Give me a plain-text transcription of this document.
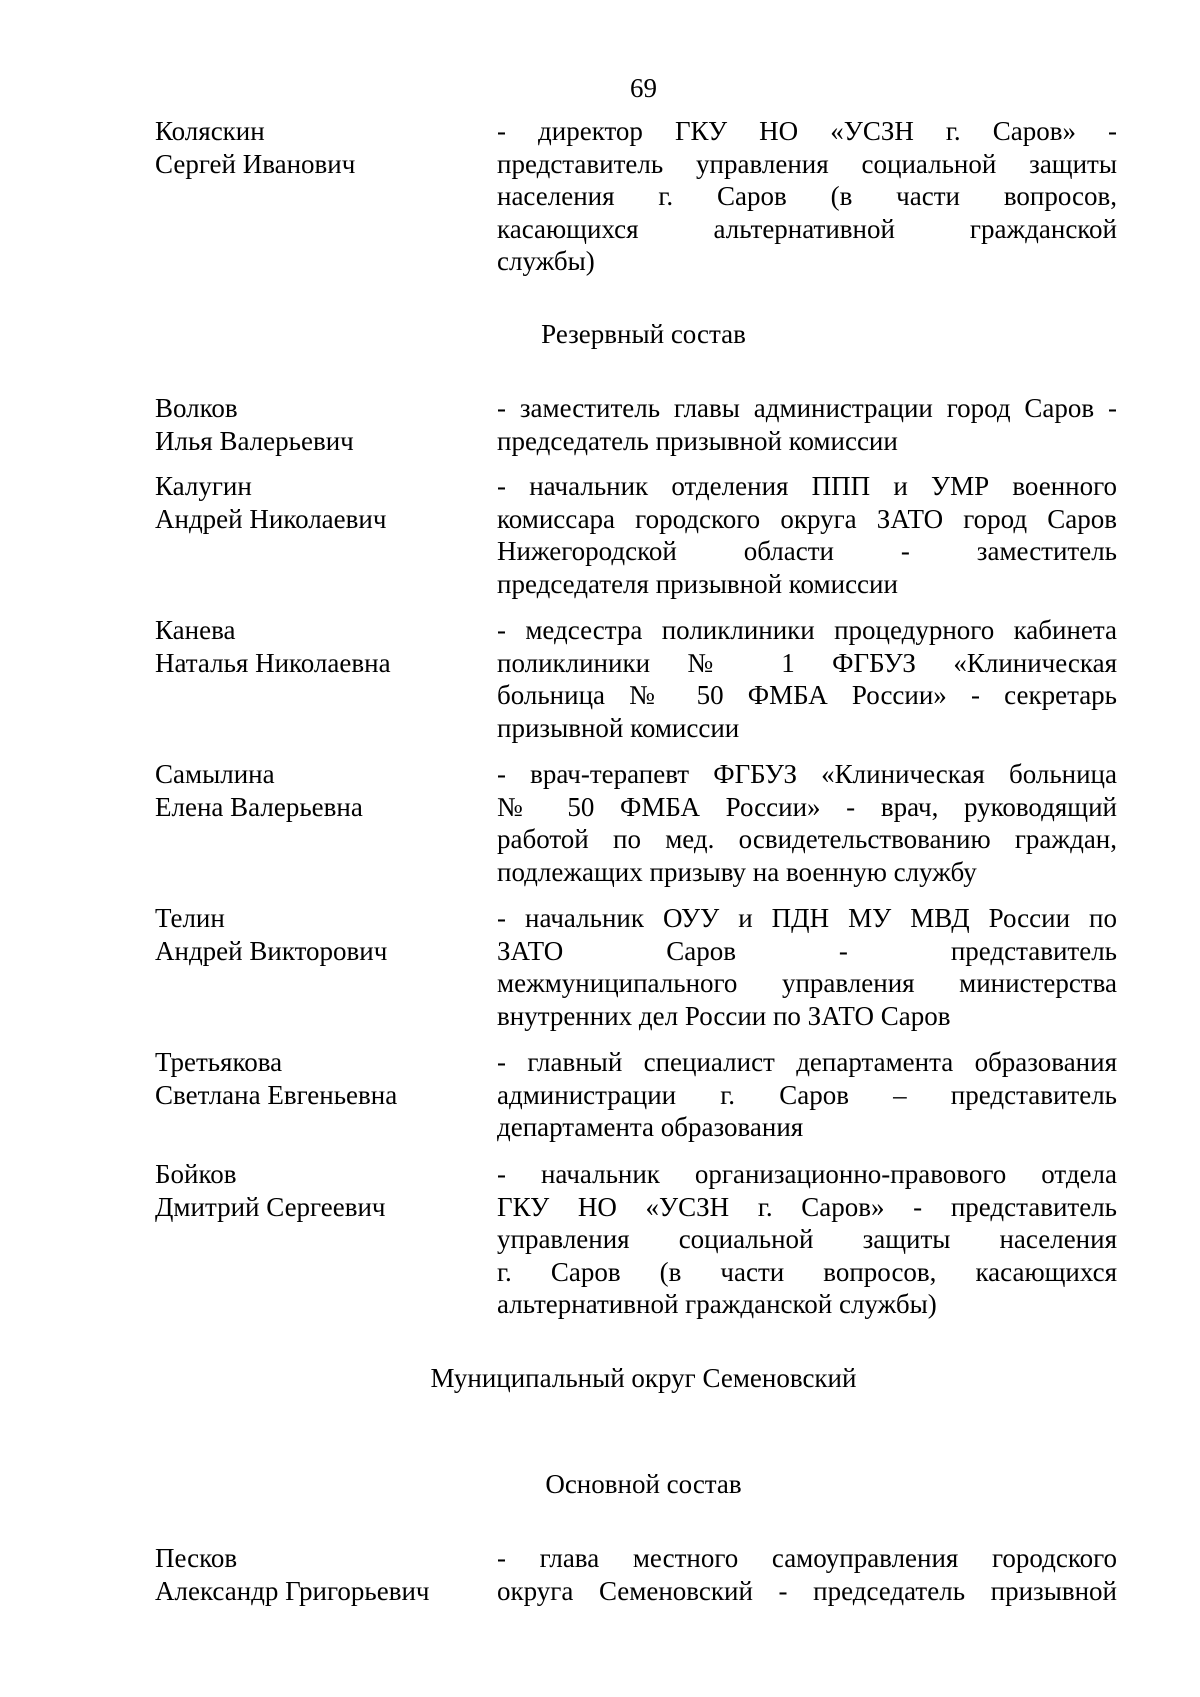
69
Коляскин
Сергей Иванович
- директор ГКУ НО «УСЗН г. Саров» -
представитель управления социальной защиты
населения г. Саров (в части вопросов,
касающихся альтернативной гражданской
службы)
Резервный состав
Волков
Илья Валерьевич
- заместитель главы администрации город Саров -
председатель призывной комиссии
Калугин
Андрей Николаевич
- начальник отделения ППП и УМР военного
комиссара городского округа ЗАТО город Саров
Нижегородской области - заместитель
председателя призывной комиссии
Канева
Наталья Николаевна
- медсестра поликлиники процедурного кабинета
поликлиники № 1 ФГБУЗ «Клиническая
больница № 50 ФМБА России» - секретарь
призывной комиссии
Самылина
Елена Валерьевна
- врач-терапевт ФГБУЗ «Клиническая больница
№ 50 ФМБА России» - врач, руководящий
работой по мед. освидетельствованию граждан,
подлежащих призыву на военную службу
Телин
Андрей Викторович
- начальник ОУУ и ПДН МУ МВД России по
ЗАТО Саров - представитель
межмуниципального управления министерства
внутренних дел России по ЗАТО Саров
Третьякова
Светлана Евгеньевна
- главный специалист департамента образования
администрации г. Саров – представитель
департамента образования
Бойков
Дмитрий Сергеевич
- начальник организационно-правового отдела
ГКУ НО «УСЗН г. Саров» - представитель
управления социальной защиты населения
г. Саров (в части вопросов, касающихся
альтернативной гражданской службы)
Муниципальный округ Семеновский
Основной состав
Песков
Александр Григорьевич
- глава местного самоуправления городского
округа Семеновский - председатель призывной
